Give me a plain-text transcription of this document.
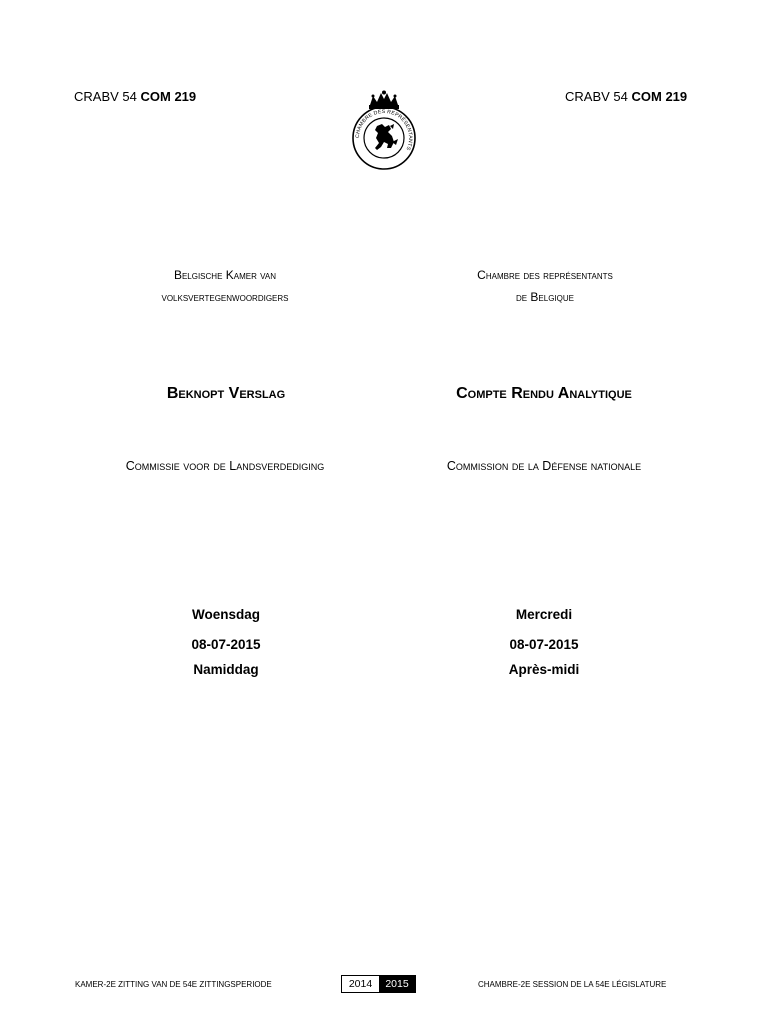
CRABV 54 COM 219	CRABV 54 COM 219
CHAMBRE DES REPRÉSENTANTS
Belgische Kamer van
volksvertegenwoordigers
Chambre des représentants
de Belgique
Beknopt Verslag	Compte Rendu Analytique
Commissie voor de Landsverdediging	Commission de la Défense nationale
Woensdag
08-07-2015
Namiddag
Mercredi
08-07-2015
Après-midi
KAMER-2E ZITTING VAN DE 54E ZITTINGSPERIODE	2014	2015	CHAMBRE-2E SESSION DE LA 54E LÉGISLATURE
